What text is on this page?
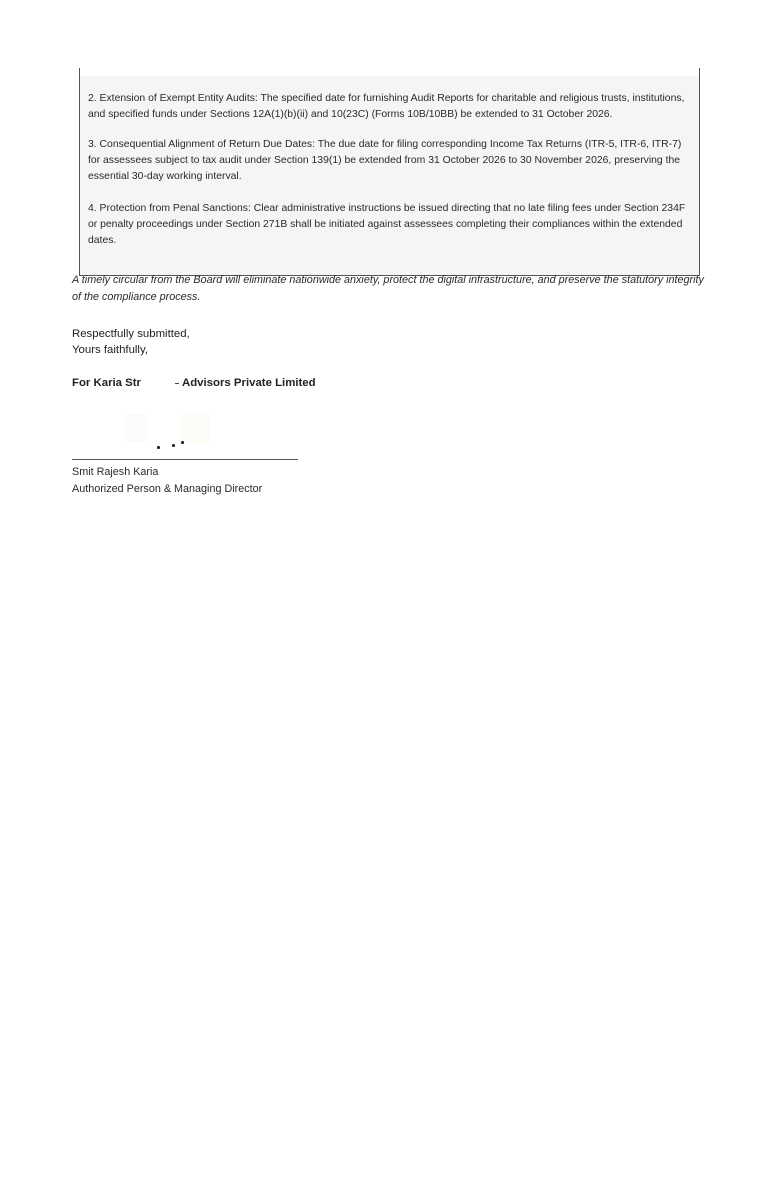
2. Extension of Exempt Entity Audits: The specified date for furnishing Audit Reports for charitable and religious trusts, institutions, and specified funds under Sections 12A(1)(b)(ii) and 10(23C) (Forms 10B/10BB) be extended to 31 October 2026.

3. Consequential Alignment of Return Due Dates: The due date for filing corresponding Income Tax Returns (ITR-5, ITR-6, ITR-7) for assessees subject to tax audit under Section 139(1) be extended from 31 October 2026 to 30 November 2026, preserving the essential 30-day working interval.

4. Protection from Penal Sanctions: Clear administrative instructions be issued directing that no late filing fees under Section 234F or penalty proceedings under Section 271B shall be initiated against assessees completing their compliances within the extended dates.

A timely circular from the Board will eliminate nationwide anxiety, protect the digital infrastructure, and preserve the statutory integrity of the compliance process.

Respectfully submitted,

Yours faithfully,

For Karia Str	Advisors Private Limited

Smit Rajesh Karia

Authorized Person & Managing Director
